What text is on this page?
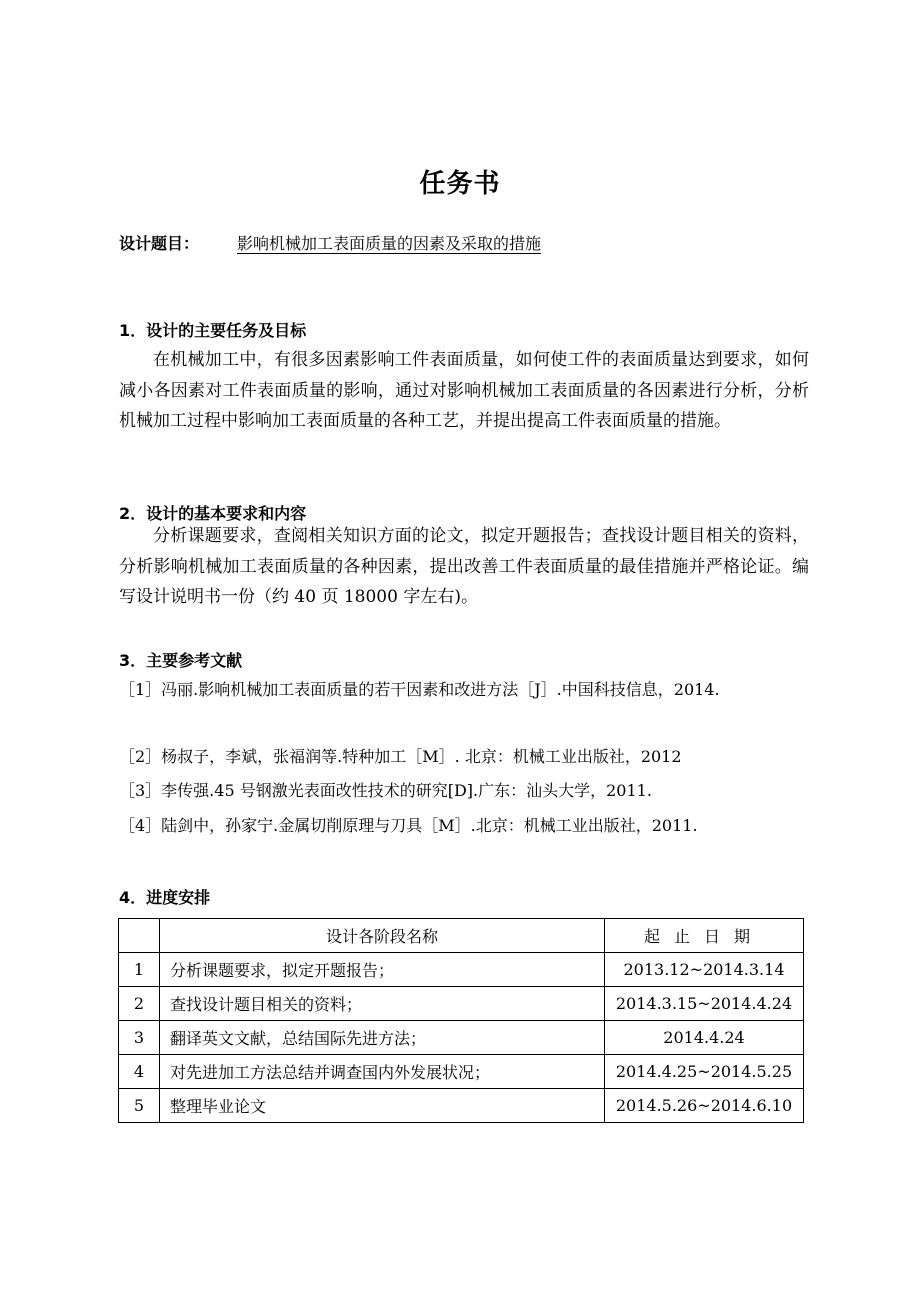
任务书
设计题目： 影响机械加工表面质量的因素及采取的措施
1．设计的主要任务及目标

在机械加工中，有很多因素影响工件表面质量，如何使工件的表面质量达到要求，如何减小各因素对工件表面质量的影响，通过对影响机械加工表面质量的各因素进行分析，分析机械加工过程中影响加工表面质量的各种工艺，并提出提高工件表面质量的措施。

2．设计的基本要求和内容

分析课题要求，查阅相关知识方面的论文，拟定开题报告；查找设计题目相关的资料，分析影响机械加工表面质量的各种因素，提出改善工件表面质量的最佳措施并严格论证。编写设计说明书一份（约 40 页 18000 字左右)。

3．主要参考文献

［1］冯丽.影响机械加工表面质量的若干因素和改进方法［J］.中国科技信息，2014.

［2］杨叔子，李斌，张福润等.特种加工［M］. 北京：机械工业出版社，2012

［3］李传强.45 号钢激光表面改性技术的研究[D].广东：汕头大学，2011.

［4］陆剑中，孙家宁.金属切削原理与刀具［M］.北京：机械工业出版社，2011.

4．进度安排
	设计各阶段名称	起止日期
1	分析课题要求，拟定开题报告；	2013.12~2014.3.14
2	查找设计题目相关的资料；	2014.3.15~2014.4.24
3	翻译英文文献，总结国际先进方法；	2014.4.24
4	对先进加工方法总结并调查国内外发展状况；	2014.4.25~2014.5.25
5	整理毕业论文	2014.5.26~2014.6.10
